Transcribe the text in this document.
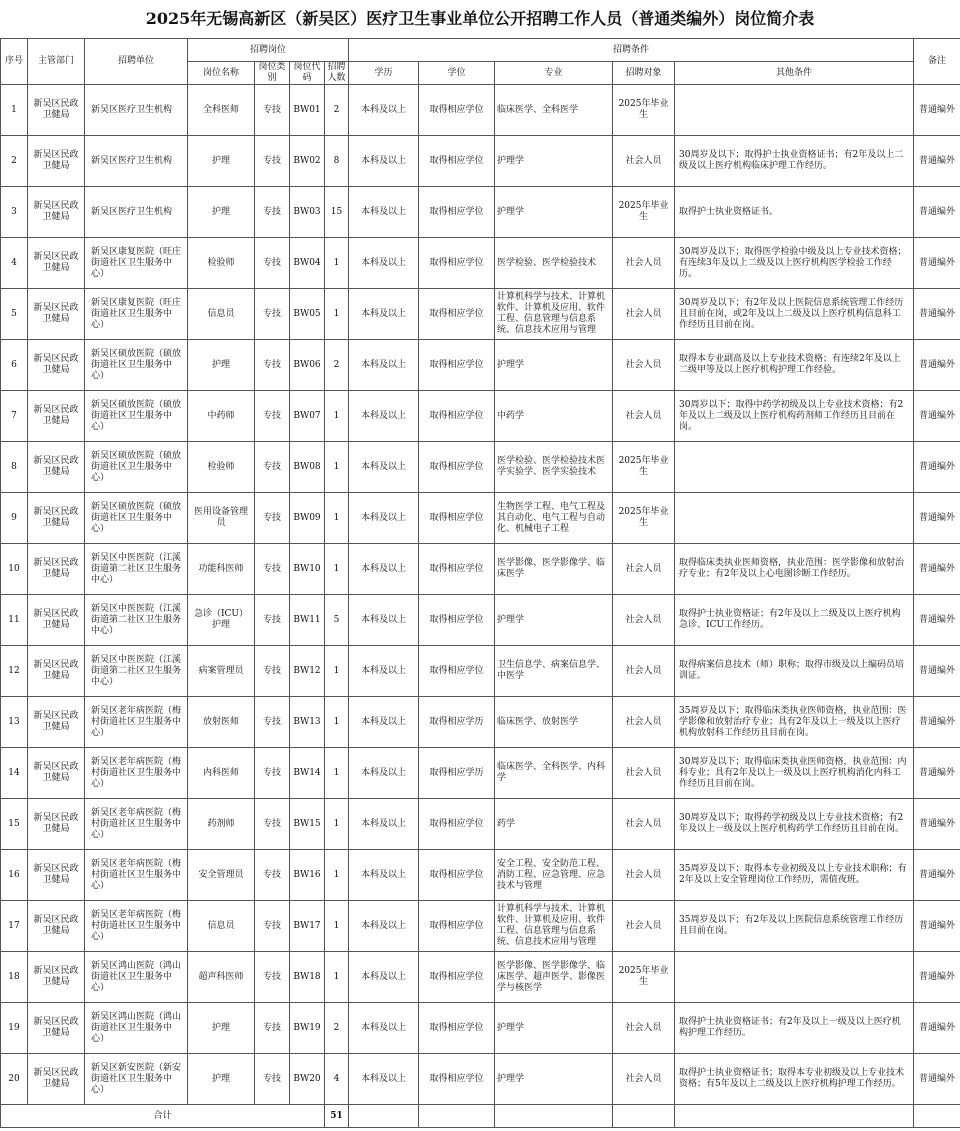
2025年无锡高新区（新吴区）医疗卫生事业单位公开招聘工作人员（普通类编外）岗位简介表
序号	主管部门	招聘单位	招聘岗位				招聘条件					备注
			岗位名称	岗位类别	岗位代码	招聘人数	学历	学位	专业	招聘对象	其他条件	
1	新吴区民政卫健局	新吴区医疗卫生机构	全科医师	专技	BW01	2	本科及以上	取得相应学位	临床医学、全科医学	2025年毕业生		普通编外
2	新吴区民政卫健局	新吴区医疗卫生机构	护理	专技	BW02	8	本科及以上	取得相应学位	护理学	社会人员	30周岁及以下；取得护士执业资格证书；有2年及以上二级及以上医疗机构临床护理工作经历。	普通编外
3	新吴区民政卫健局	新吴区医疗卫生机构	护理	专技	BW03	15	本科及以上	取得相应学位	护理学	2025年毕业生	取得护士执业资格证书。	普通编外
4	新吴区民政卫健局	新吴区康复医院（旺庄街道社区卫生服务中心）	检验师	专技	BW04	1	本科及以上	取得相应学位	医学检验、医学检验技术	社会人员	30周岁及以下；取得医学检验中级及以上专业技术资格；有连续3年及以上二级及以上医疗机构医学检验工作经历。	普通编外
5	新吴区民政卫健局	新吴区康复医院（旺庄街道社区卫生服务中心）	信息员	专技	BW05	1	本科及以上	取得相应学位	计算机科学与技术、计算机软件、计算机及应用、软件工程、信息管理与信息系统、信息技术应用与管理	社会人员	30周岁及以下；有2年及以上医院信息系统管理工作经历且目前在岗，或2年及以上二级及以上医疗机构信息科工作经历且目前在岗。	普通编外
6	新吴区民政卫健局	新吴区硕放医院（硕放街道社区卫生服务中心）	护理	专技	BW06	2	本科及以上	取得相应学位	护理学	社会人员	取得本专业副高及以上专业技术资格；有连续2年及以上二级甲等及以上医疗机构护理工作经验。	普通编外
7	新吴区民政卫健局	新吴区硕放医院（硕放街道社区卫生服务中心）	中药师	专技	BW07	1	本科及以上	取得相应学位	中药学	社会人员	30周岁以下；取得中药学初级及以上专业技术资格；有2年及以上二级及以上医疗机构药剂师工作经历且目前在岗。	普通编外
8	新吴区民政卫健局	新吴区硕放医院（硕放街道社区卫生服务中心）	检验师	专技	BW08	1	本科及以上	取得相应学位	医学检验、医学检验技术医学实验学、医学实验技术	2025年毕业生		普通编外
9	新吴区民政卫健局	新吴区硕放医院（硕放街道社区卫生服务中心）	医用设备管理员	专技	BW09	1	本科及以上	取得相应学位	生物医学工程、电气工程及其自动化、电气工程与自动化、机械电子工程	2025年毕业生		普通编外
10	新吴区民政卫健局	新吴区中医医院（江溪街道第二社区卫生服务中心）	功能科医师	专技	BW10	1	本科及以上	取得相应学位	医学影像、医学影像学、临床医学	社会人员	取得临床类执业医师资格，执业范围：医学影像和放射治疗专业；有2年及以上心电图诊断工作经历。	普通编外
11	新吴区民政卫健局	新吴区中医医院（江溪街道第二社区卫生服务中心）	急诊（ICU）护理	专技	BW11	5	本科及以上	取得相应学位	护理学	社会人员	取得护士执业资格证；有2年及以上二级及以上医疗机构急诊、ICU工作经历。	普通编外
12	新吴区民政卫健局	新吴区中医医院（江溪街道第二社区卫生服务中心）	病案管理员	专技	BW12	1	本科及以上	取得相应学位	卫生信息学、病案信息学、中医学	社会人员	取得病案信息技术（师）职称；取得市级及以上编码员培训证。	普通编外
13	新吴区民政卫健局	新吴区老年病医院（梅村街道社区卫生服务中心）	放射医师	专技	BW13	1	本科及以上	取得相应学历	临床医学、放射医学	社会人员	35周岁及以下；取得临床类执业医师资格，执业范围：医学影像和放射治疗专业；具有2年及以上一级及以上医疗机构放射科工作经历且目前在岗。	普通编外
14	新吴区民政卫健局	新吴区老年病医院（梅村街道社区卫生服务中心）	内科医师	专技	BW14	1	本科及以上	取得相应学历	临床医学、全科医学、内科学	社会人员	30周岁及以下；取得临床类执业医师资格，执业范围：内科专业；具有2年及以上一级及以上医疗机构消化内科工作经历且目前在岗。	普通编外
15	新吴区民政卫健局	新吴区老年病医院（梅村街道社区卫生服务中心）	药剂师	专技	BW15	1	本科及以上	取得相应学位	药学	社会人员	30周岁及以下；取得药学初级及以上专业技术资格；有2年及以上一级及以上医疗机构药学工作经历且目前在岗。	普通编外
16	新吴区民政卫健局	新吴区老年病医院（梅村街道社区卫生服务中心）	安全管理员	专技	BW16	1	本科及以上	取得相应学位	安全工程、安全防范工程、消防工程、应急管理、应急技术与管理	社会人员	35周岁及以下；取得本专业初级及以上专业技术职称；有2年及以上安全管理岗位工作经历，需值夜班。	普通编外
17	新吴区民政卫健局	新吴区老年病医院（梅村街道社区卫生服务中心）	信息员	专技	BW17	1	本科及以上	取得相应学位	计算机科学与技术、计算机软件、计算机及应用、软件工程、信息管理与信息系统、信息技术应用与管理	社会人员	35周岁及以下；有2年及以上医院信息系统管理工作经历且目前在岗。	普通编外
18	新吴区民政卫健局	新吴区鸿山医院（鸿山街道社区卫生服务中心）	超声科医师	专技	BW18	1	本科及以上	取得相应学位	医学影像、医学影像学、临床医学、超声医学、影像医学与核医学	2025年毕业生		普通编外
19	新吴区民政卫健局	新吴区鸿山医院（鸿山街道社区卫生服务中心）	护理	专技	BW19	2	本科及以上	取得相应学位	护理学	社会人员	取得护士执业资格证书；有2年及以上一级及以上医疗机构护理工作经历。	普通编外
20	新吴区民政卫健局	新吴区新安医院（新安街道社区卫生服务中心）	护理	专技	BW20	4	本科及以上	取得相应学位	护理学	社会人员	取得护士执业资格证书；取得本专业初级及以上专业技术资格；有5年及以上二级及以上医疗机构护理工作经历。	普通编外
合计						51						
